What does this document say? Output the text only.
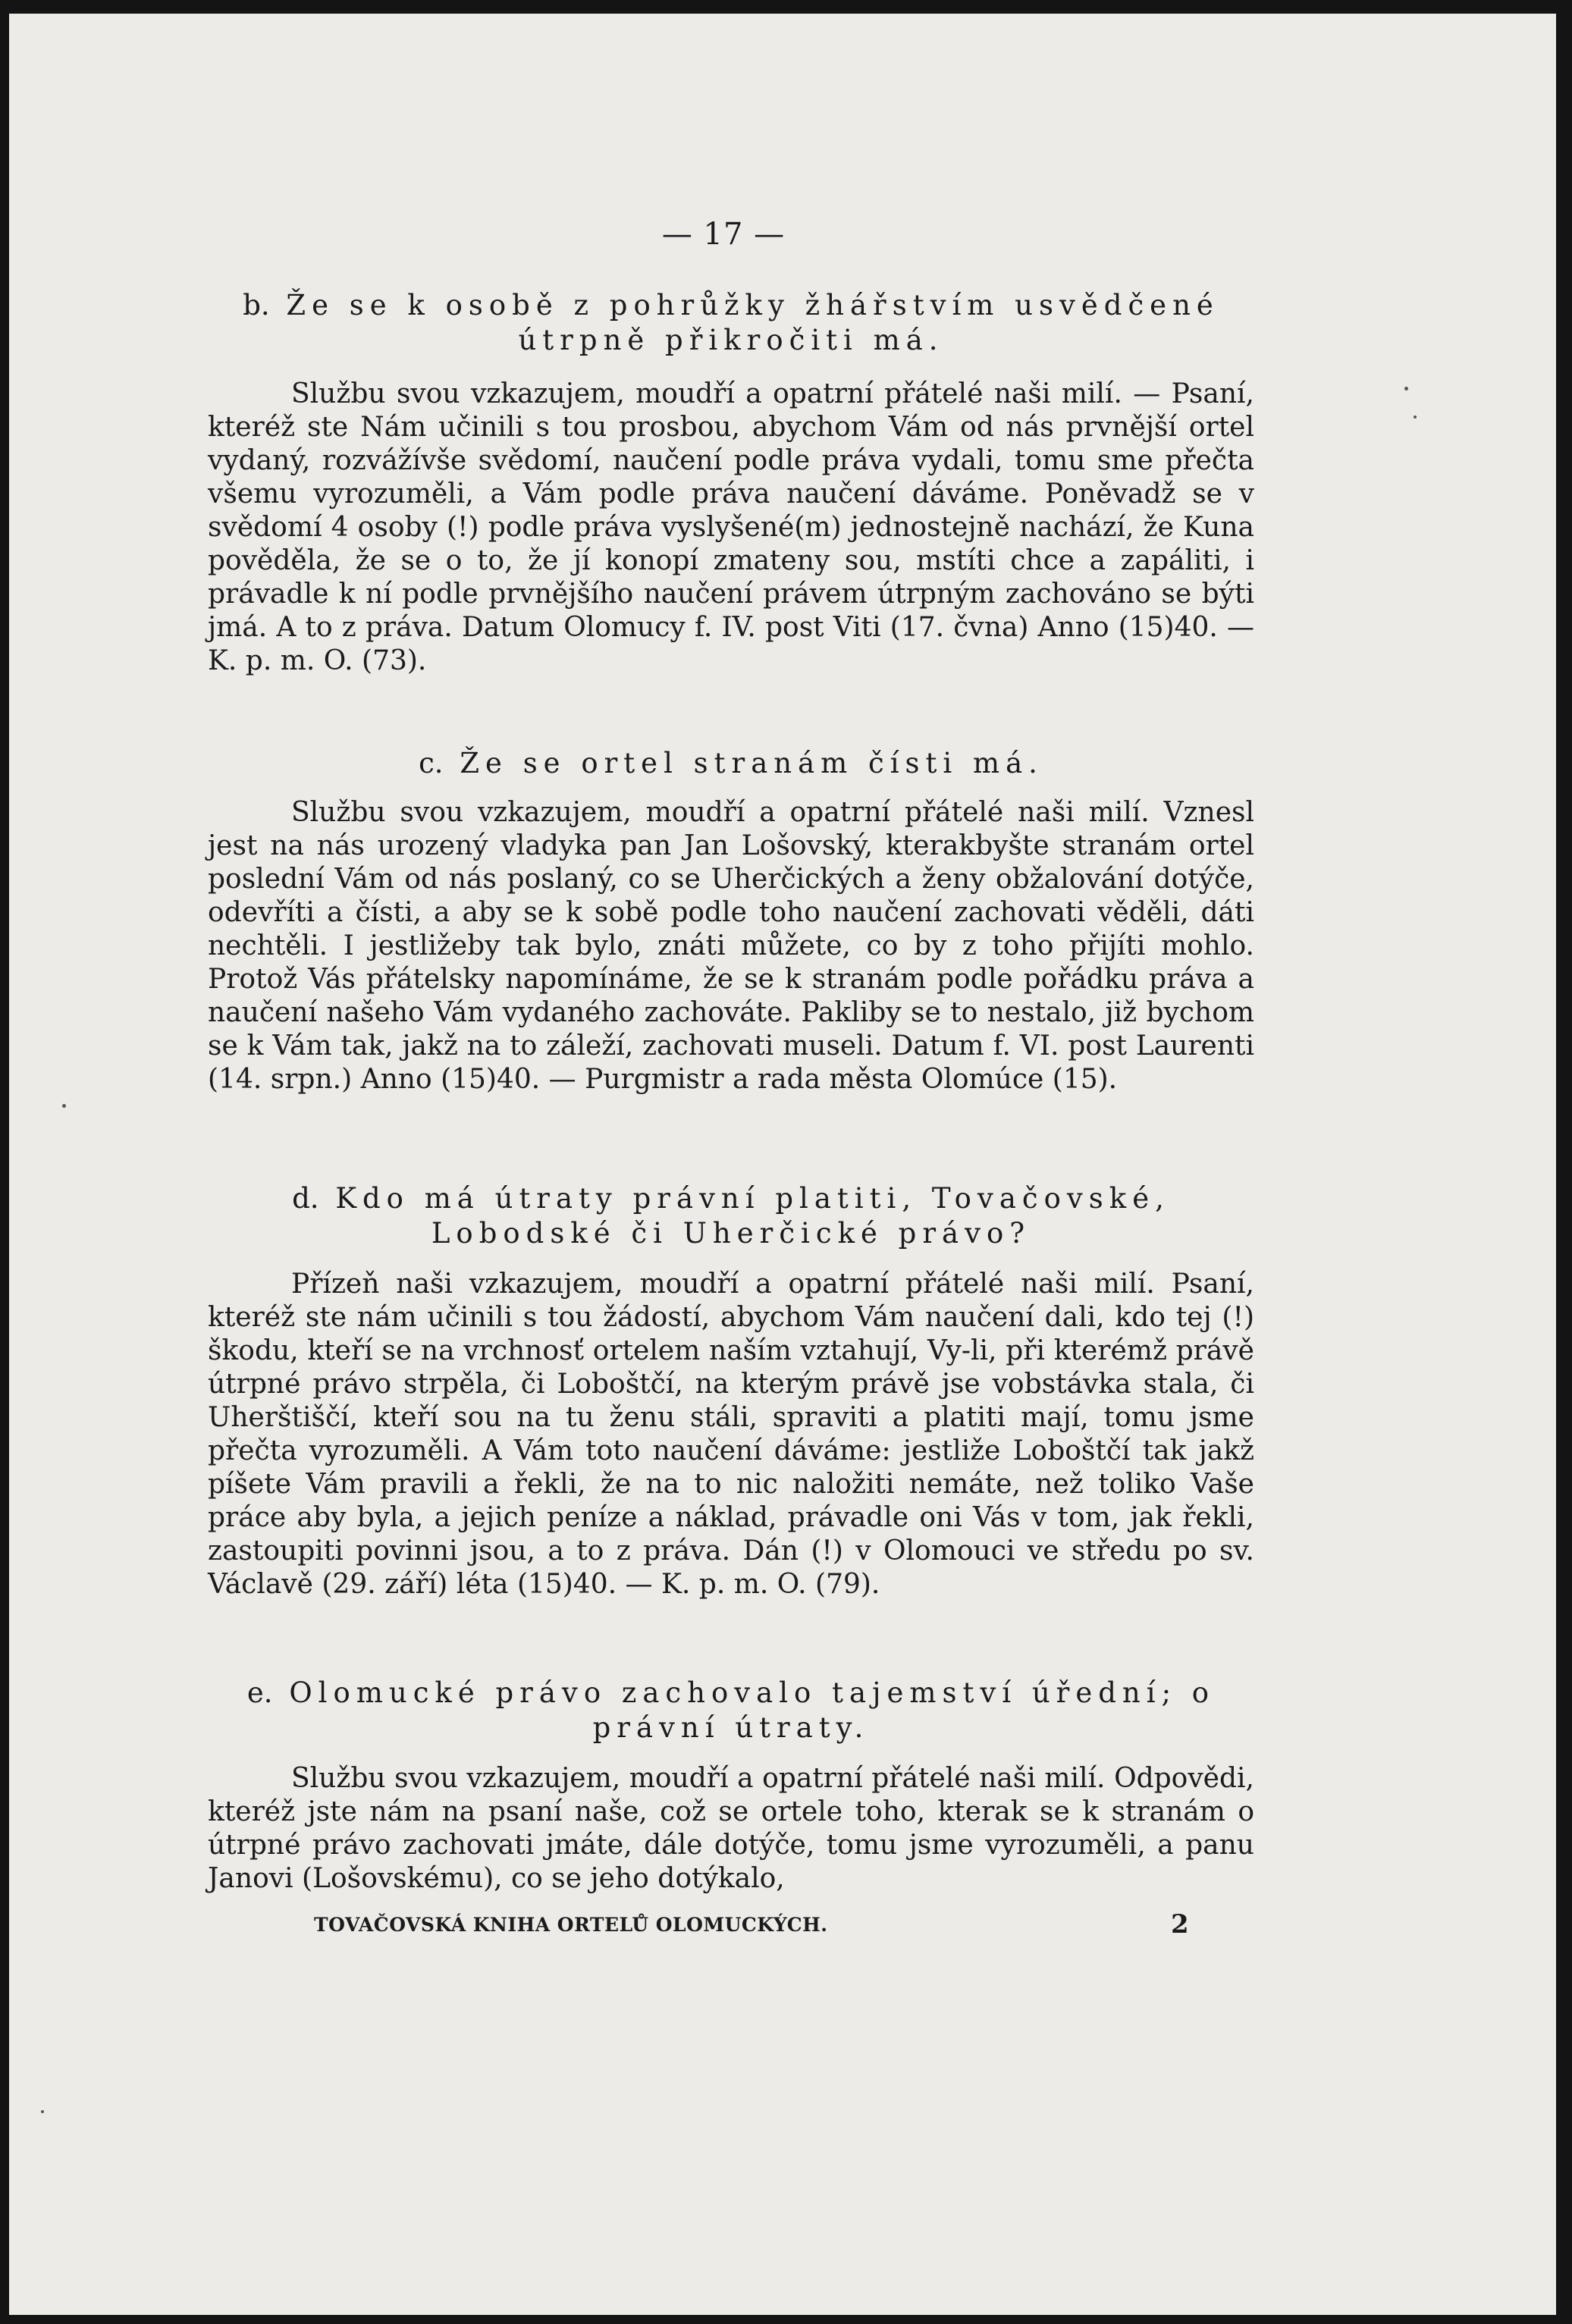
— 17 —
b. Že se k osobě z pohrůžky žhářstvím usvědčené útrpně přikročiti má.

Službu svou vzkazujem, moudří a opatrní přátelé naši milí. — Psaní, kteréž ste Nám učinili s tou prosbou, abychom Vám od nás prvnější ortel vydaný, rozvážívše svědomí, naučení podle práva vydali, tomu sme přečta všemu vyrozuměli, a Vám podle práva naučení dáváme. Poněvadž se v svědomí 4 osoby (!) podle práva vyslyšené(m) jednostejně nachází, že Kuna pověděla, že se o to, že jí konopí zmateny sou, mstíti chce a zapáliti, i právadle k ní podle prvnějšího naučení právem útrpným zachováno se býti jmá. A to z práva. Datum Olomucy f. IV. post Viti (17. čvna) Anno (15)40. — K. p. m. O. (73).

c. Že se ortel stranám čísti má.

Službu svou vzkazujem, moudří a opatrní přátelé naši milí. Vznesl jest na nás urozený vladyka pan Jan Lošovský, kterakbyšte stranám ortel poslední Vám od nás poslaný, co se Uherčických a ženy obžalování dotýče, odevříti a čísti, a aby se k sobě podle toho naučení zachovati věděli, dáti nechtěli. I jestližeby tak bylo, znáti můžete, co by z toho přijíti mohlo. Protož Vás přátelsky napomínáme, že se k stranám podle pořádku práva a naučení našeho Vám vydaného zachováte. Pakliby se to nestalo, již bychom se k Vám tak, jakž na to záleží, zachovati museli. Datum f. VI. post Laurenti (14. srpn.) Anno (15)40. — Purgmistr a rada města Olomúce (15).

d. Kdo má útraty právní platiti, Tovačovské, Lobodské či Uherčické právo?

Přízeň naši vzkazujem, moudří a opatrní přátelé naši milí. Psaní, kteréž ste nám učinili s tou žádostí, abychom Vám naučení dali, kdo tej (!) škodu, kteří se na vrchnosť ortelem naším vztahují, Vy-li, při kterémž právě útrpné právo strpěla, či Loboštčí, na kterým právě jse vobstávka stala, či Uherštiščí, kteří sou na tu ženu stáli, spraviti a platiti mají, tomu jsme přečta vyrozuměli. A Vám toto naučení dáváme: jestliže Loboštčí tak jakž píšete Vám pravili a řekli, že na to nic naložiti nemáte, než toliko Vaše práce aby byla, a jejich peníze a náklad, právadle oni Vás v tom, jak řekli, zastoupiti povinni jsou, a to z práva. Dán (!) v Olomouci ve středu po sv. Václavě (29. září) léta (15)40. — K. p. m. O. (79).

e. Olomucké právo zachovalo tajemství úřední; o právní útraty.

Službu svou vzkazujem, moudří a opatrní přátelé naši milí. Odpovědi, kteréž jste nám na psaní naše, což se ortele toho, kterak se k stranám o útrpné právo zachovati jmáte, dále dotýče, tomu jsme vyrozuměli, a panu Janovi (Lošovskému), co se jeho dotýkalo,

TOVAČOVSKÁ KNIHA ORTELŮ OLOMUCKÝCH.	2
